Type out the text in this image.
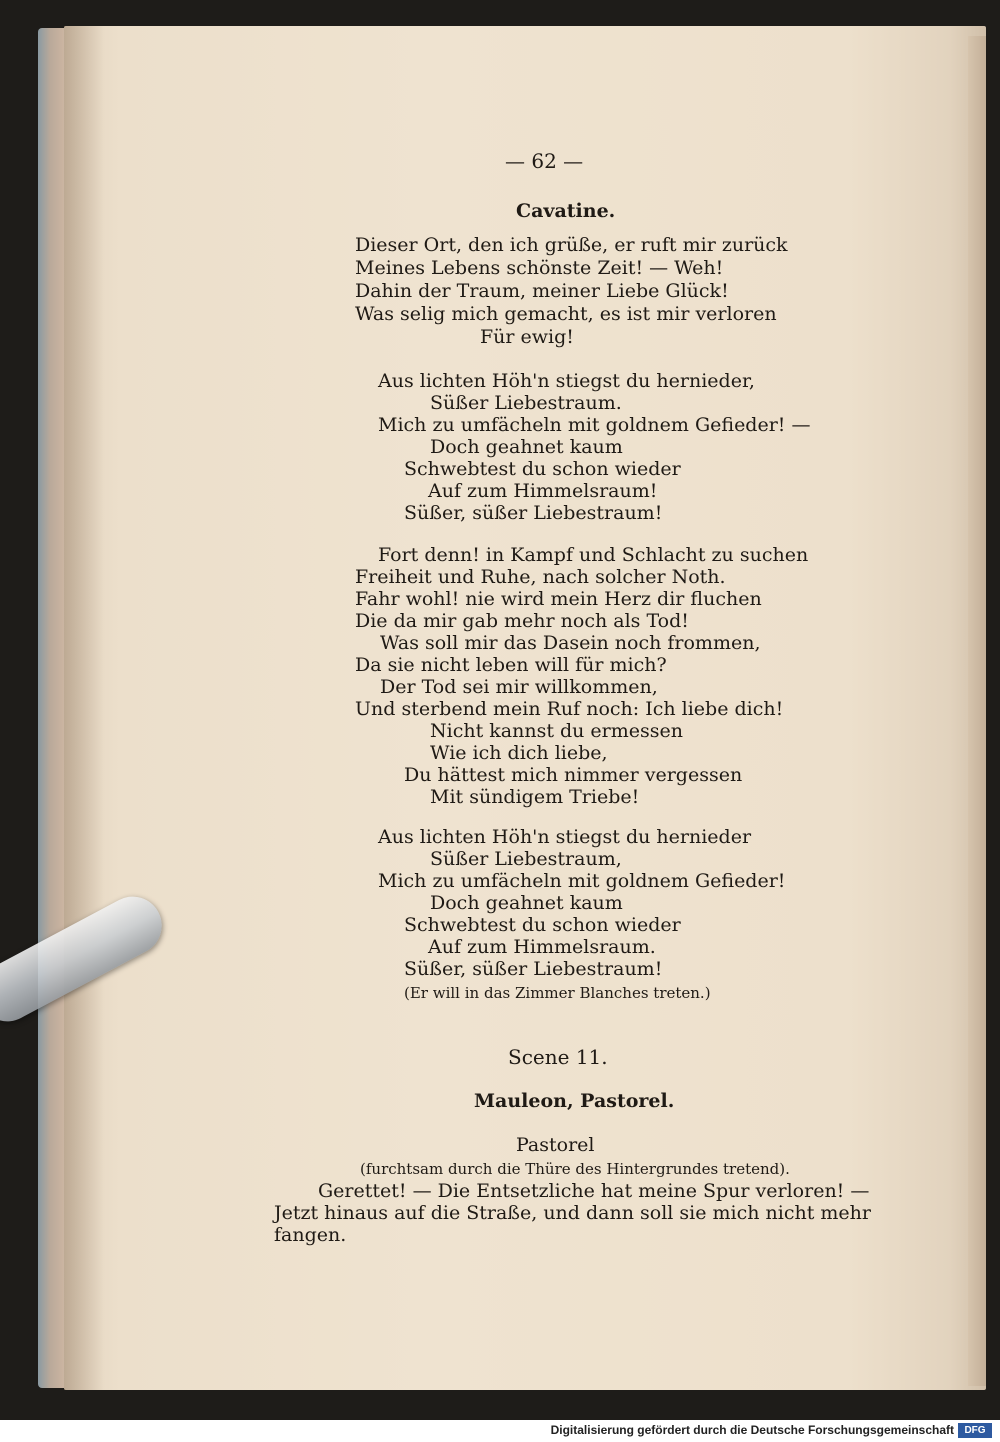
— 62 —
Cavatine.
Dieser Ort, den ich grüße, er ruft mir zurück
Meines Lebens schönste Zeit! — Weh!
Dahin der Traum, meiner Liebe Glück!
Was selig mich gemacht, es ist mir verloren
Für ewig!
Aus lichten Höh'n stiegst du hernieder,
Süßer Liebestraum.
Mich zu umfächeln mit goldnem Gefieder! —
Doch geahnet kaum
Schwebtest du schon wieder
Auf zum Himmelsraum!
Süßer, süßer Liebestraum!
Fort denn! in Kampf und Schlacht zu suchen
Freiheit und Ruhe, nach solcher Noth.
Fahr wohl! nie wird mein Herz dir fluchen
Die da mir gab mehr noch als Tod!
Was soll mir das Dasein noch frommen,
Da sie nicht leben will für mich?
Der Tod sei mir willkommen,
Und sterbend mein Ruf noch: Ich liebe dich!
Nicht kannst du ermessen
Wie ich dich liebe,
Du hättest mich nimmer vergessen
Mit sündigem Triebe!
Aus lichten Höh'n stiegst du hernieder
Süßer Liebestraum,
Mich zu umfächeln mit goldnem Gefieder!
Doch geahnet kaum
Schwebtest du schon wieder
Auf zum Himmelsraum.
Süßer, süßer Liebestraum!
(Er will in das Zimmer Blanches treten.)
Scene 11.
Mauleon, Pastorel.
Pastorel
(furchtsam durch die Thüre des Hintergrundes tretend).
Gerettet! — Die Entsetzliche hat meine Spur verloren! —
Jetzt hinaus auf die Straße, und dann soll sie mich nicht mehr
fangen.
Digitalisierung gefördert durch die Deutsche Forschungsgemeinschaft	DFG
